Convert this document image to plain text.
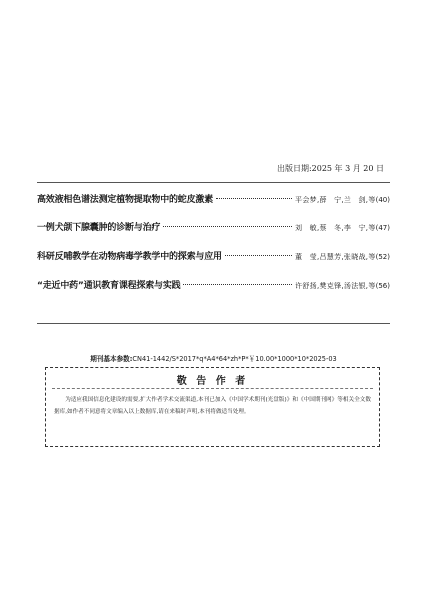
出版日期:2025 年 3 月 20 日
高效液相色谱法测定植物提取物中的蛇皮激素	平会梦,薛　宁,兰　剑,等 (40)
一例犬颌下腺囊肿的诊断与治疗	刘　敏,蔡　冬,李　宁,等 (47)
科研反哺教学在动物病毒学教学中的探索与应用	董　莹,吕慧芳,张晓战,等 (52)
“走近中药”通识教育课程探索与实践	许舒扬,樊克锋,汤法银,等 (56)
期刊基本参数:CN41-1442/S*2017*q*A4*64*zh*P*￥10.00*1000*10*2025-03
敬 告 作 者
为适应我国信息化建设的需要,扩大作者学术交流渠道,本刊已加入《中国学术期刊(光盘版)》和《中国期刊网》等相关全文数据库,如作者不同意将文章编入以上数据库,请在来稿时声明,本刊将做适当处理。
